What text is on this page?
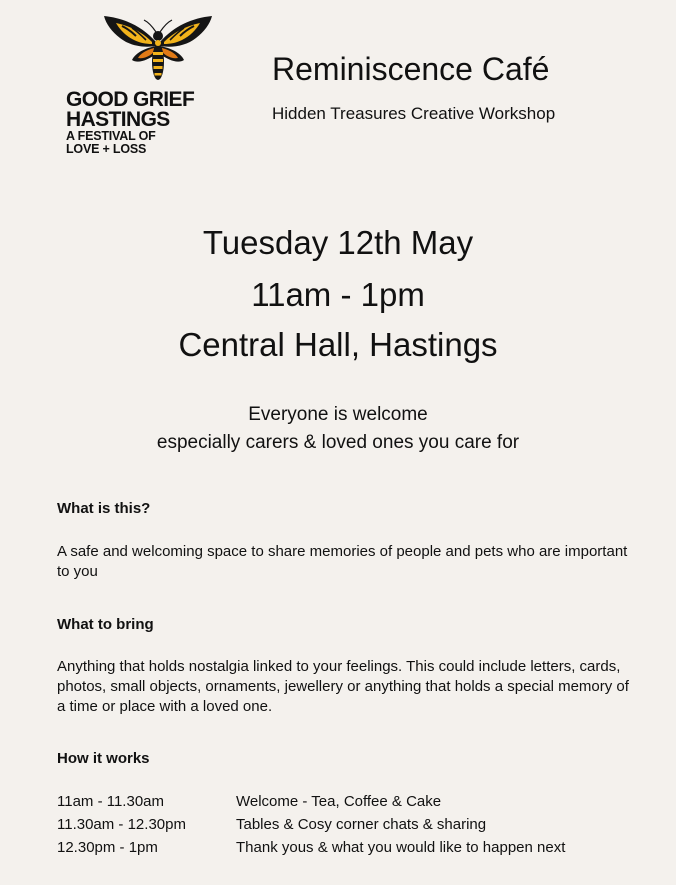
GOOD GRIEF
HASTINGS
A FESTIVAL OF
LOVE + LOSS
Reminiscence Café
Hidden Treasures Creative Workshop
Tuesday 12th May
11am - 1pm
Central Hall, Hastings
Everyone is welcome
especially carers & loved ones you care for
What is this?
A safe and welcoming space to share memories of people and pets who are important to you
What to bring
Anything that holds nostalgia linked to your feelings. This could include letters, cards, photos, small objects, ornaments, jewellery or anything that holds a special memory of a time or place with a loved one.
How it works
11am - 11.30am	Welcome - Tea, Coffee & Cake
11.30am - 12.30pm	Tables & Cosy corner chats & sharing
12.30pm - 1pm	Thank yous & what you would like to happen next
